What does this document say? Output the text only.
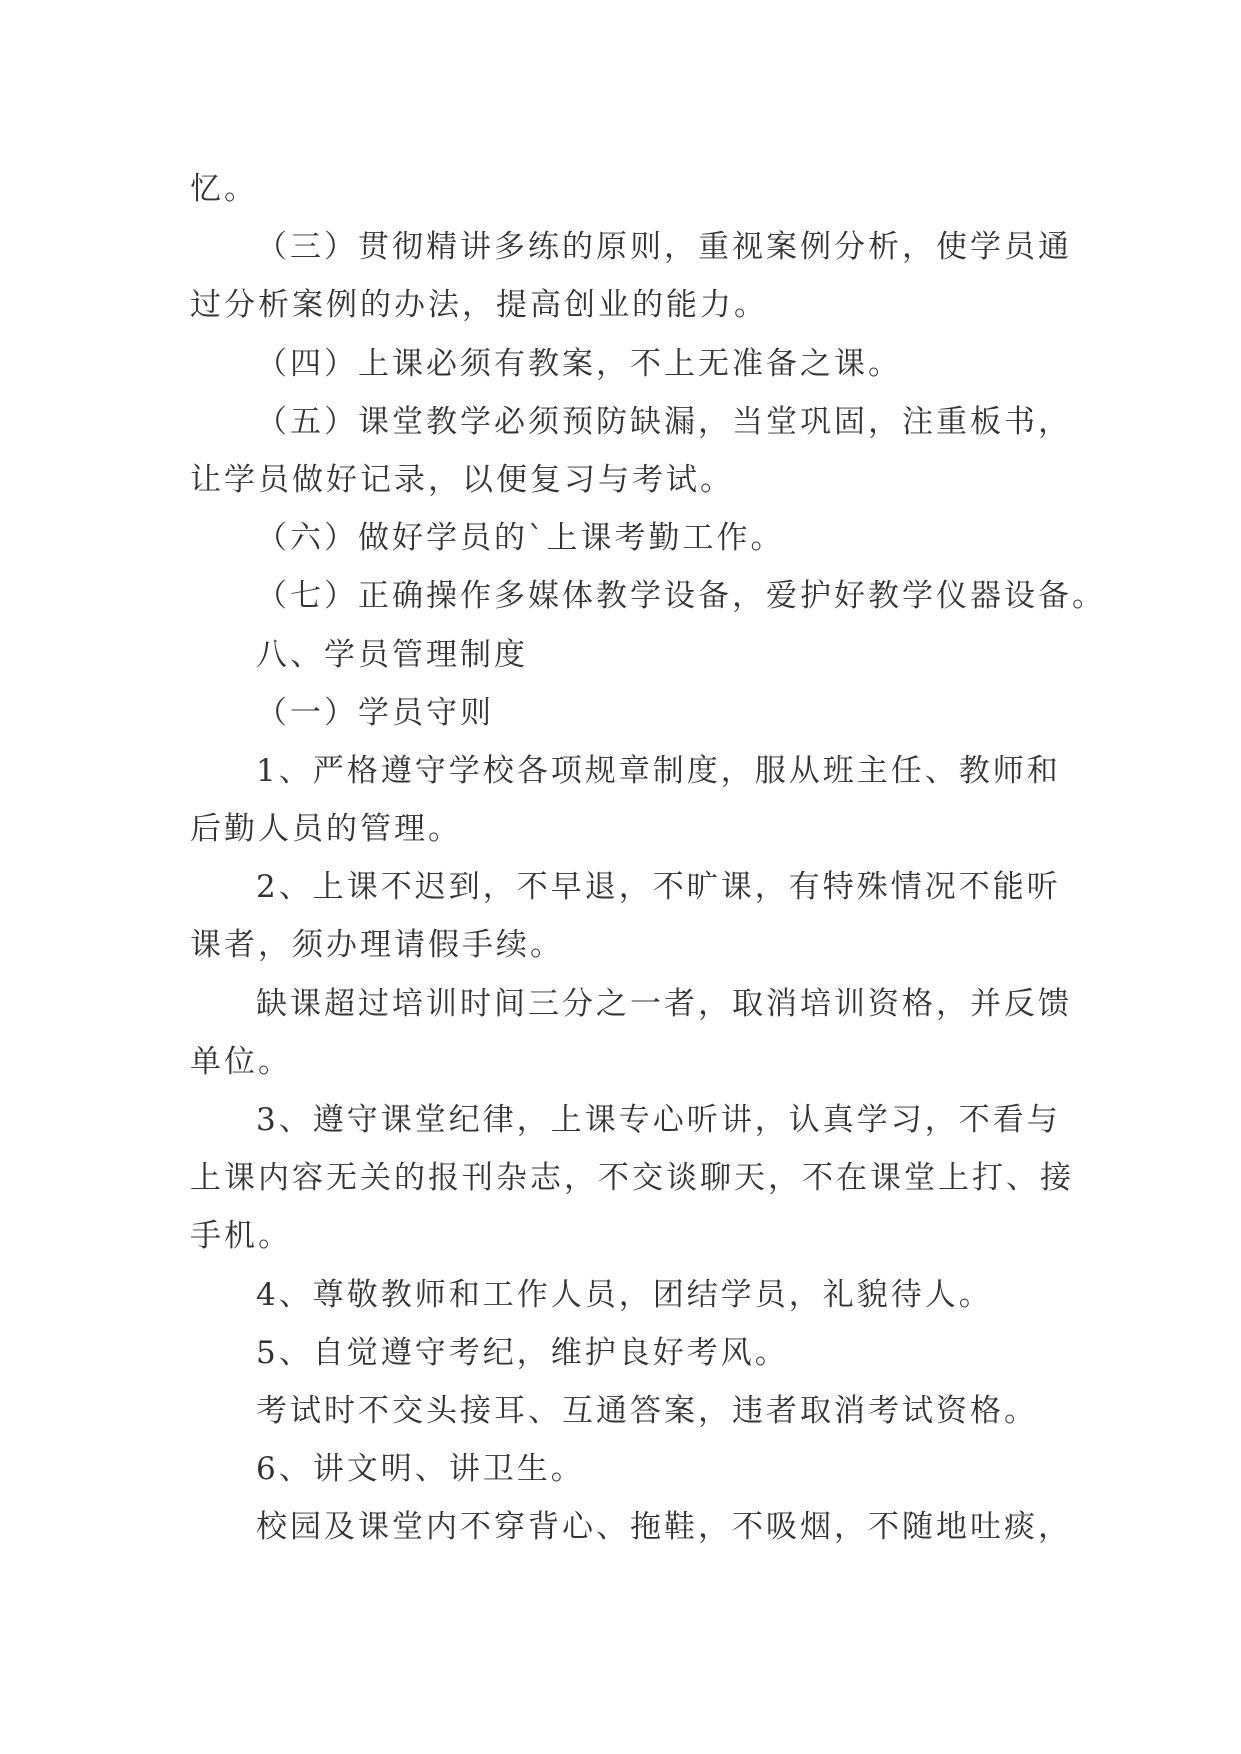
忆。
（三）贯彻精讲多练的原则，重视案例分析，使学员通
过分析案例的办法，提高创业的能力。
（四）上课必须有教案，不上无准备之课。
（五）课堂教学必须预防缺漏，当堂巩固，注重板书，
让学员做好记录，以便复习与考试。
（六）做好学员的`上课考勤工作。
（七）正确操作多媒体教学设备，爱护好教学仪器设备。
八、学员管理制度
（一）学员守则
1、严格遵守学校各项规章制度，服从班主任、教师和
后勤人员的管理。
2、上课不迟到，不早退，不旷课，有特殊情况不能听
课者，须办理请假手续。
缺课超过培训时间三分之一者，取消培训资格，并反馈
单位。
3、遵守课堂纪律，上课专心听讲，认真学习，不看与
上课内容无关的报刊杂志，不交谈聊天，不在课堂上打、接
手机。
4、尊敬教师和工作人员，团结学员，礼貌待人。
5、自觉遵守考纪，维护良好考风。
考试时不交头接耳、互通答案，违者取消考试资格。
6、讲文明、讲卫生。
校园及课堂内不穿背心、拖鞋，不吸烟，不随地吐痰，
